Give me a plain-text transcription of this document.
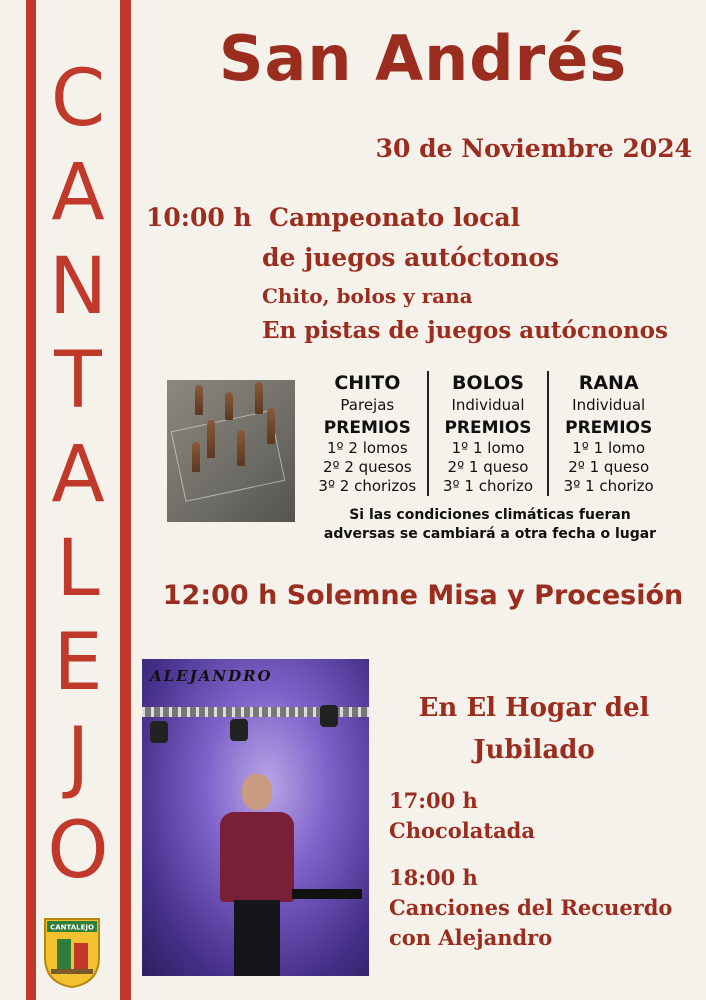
C
A
N
T
A
L
E
J
O
San Andrés
30 de Noviembre 2024
10:00 h  Campeonato local
de juegos autóctonos
Chito, bolos y rana
En pistas de juegos autócnonos
CHITO
Parejas
PREMIOS
1º 2 lomos
2º 2 quesos
3º 2 chorizos
BOLOS
Individual
PREMIOS
1º 1 lomo
2º 1 queso
3º 1 chorizo
RANA
Individual
PREMIOS
1º 1 lomo
2º 1 queso
3º 1 chorizo
Si las condiciones climáticas fueran
adversas se cambiará a otra fecha o lugar
12:00 h Solemne Misa y Procesión
ALEJANDRO
En El Hogar del
Jubilado
17:00 h
Chocolatada
18:00 h
Canciones del Recuerdo
con Alejandro
CANTALEJO
